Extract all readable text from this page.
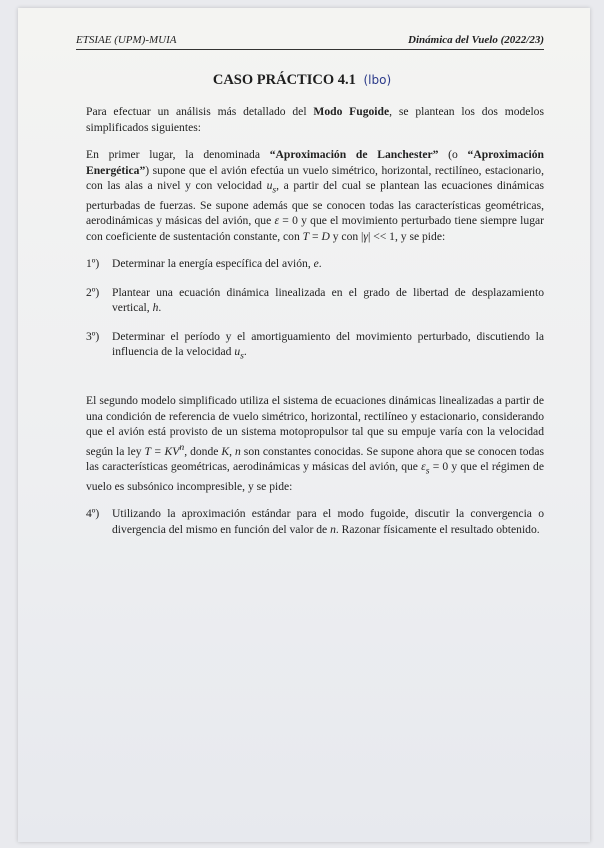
ETSIAE (UPM)-MUIA	Dinámica del Vuelo (2022/23)
CASO PRÁCTICO 4.1 (lbo)

Para efectuar un análisis más detallado del Modo Fugoide, se plantean los dos modelos simplificados siguientes:

En primer lugar, la denominada “Aproximación de Lanchester” (o “Aproximación Energética”) supone que el avión efectúa un vuelo simétrico, horizontal, rectilíneo, estacionario, con las alas a nivel y con velocidad $u_s$, a partir del cual se plantean las ecuaciones dinámicas perturbadas de fuerzas. Se supone además que se conocen todas las características geométricas, aerodinámicas y másicas del avión, que ε = 0 y que el movimiento perturbado tiene siempre lugar con coeficiente de sustentación constante, con T = D y con |γ| << 1, y se pide:

1º)	Determinar la energía específica del avión, e.
2º)	Plantear una ecuación dinámica linealizada en el grado de libertad de desplazamiento vertical, h.
3º)	Determinar el período y el amortiguamiento del movimiento perturbado, discutiendo la influencia de la velocidad $u_s$.

El segundo modelo simplificado utiliza el sistema de ecuaciones dinámicas linealizadas a partir de una condición de referencia de vuelo simétrico, horizontal, rectilíneo y estacionario, considerando que el avión está provisto de un sistema motopropulsor tal que su empuje varía con la velocidad según la ley $T = KV^n$, donde K, n son constantes conocidas. Se supone ahora que se conocen todas las características geométricas, aerodinámicas y másicas del avión, que $\varepsilon_s = 0$ y que el régimen de vuelo es subsónico incompresible, y se pide:

4º)	Utilizando la aproximación estándar para el modo fugoide, discutir la convergencia o divergencia del mismo en función del valor de n. Razonar físicamente el resultado obtenido.
